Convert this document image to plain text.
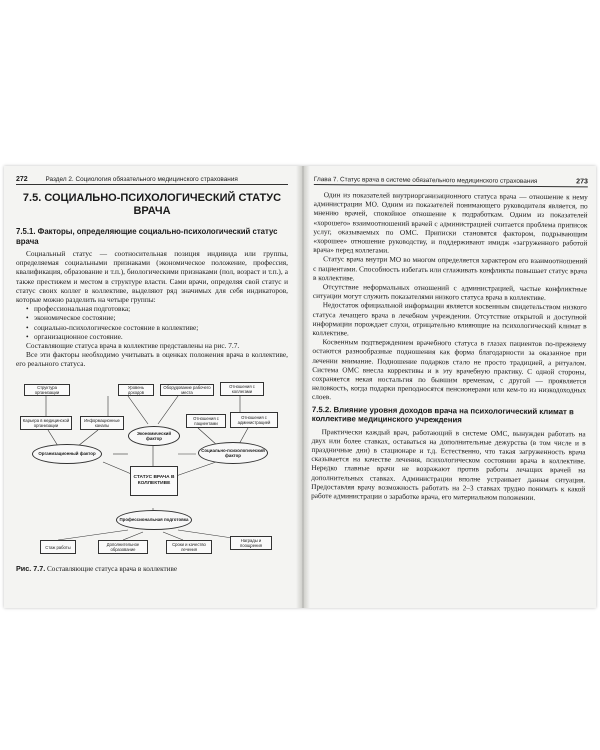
272	Раздел 2. Социология обязательного медицинского страхования
7.5. СОЦИАЛЬНО-ПСИХОЛОГИЧЕСКИЙ СТАТУС ВРАЧА
7.5.1. Факторы, определяющие социально-психологический статус врача

Социальный статус — соотносительная позиция индивида или группы, определяемая социальными признаками (экономическое положение, профессия, квалификация, образование и т.п.), биологическими признаками (пол, возраст и т.п.), а также престижем и местом в структуре власти. Сами врачи, определяя свой статус и статус своих коллег в коллективе, выделяют ряд значимых для себя индикаторов, которые можно разделить на четыре группы:

• профессиональная подготовка;
• экономическое состояние;
• социально-психологическое состояние в коллективе;
• организационное состояние.

Составляющие статуса врача в коллективе представлены на рис. 7.7.

Все эти факторы необходимо учитывать в оценках положения врача в коллективе, его реального статуса.

Структура организации
Уровень доходов
Оборудование рабочего места
Отношения с коллегами
Карьера в медицинской организации
Информационные каналы
Отношения с пациентами
Отношения с администрацией
Экономический фактор
Организационный фактор
Социально-психологический фактор
СТАТУС ВРАЧА В КОЛЛЕКТИВЕ
Профессиональная подготовка
Стаж работы	Дополнительное образование
Сроки и качество лечения
Награды и поощрения
Рис. 7.7. Составляющие статуса врача в коллективе
Глава 7. Статус врача в системе обязательного медицинского страхования	273

Один из показателей внутриорганизационного статуса врача — отношение к нему администрации МО. Одним из показателей понимающего руководителя является, по мнению врачей, спокойное отношение к подработкам. Одним из показателей «хорошего» взаимоотношений врачей с администрацией считается проблема приписок услуг, оказываемых по ОМС. Приписки становятся фактором, подрывающим «хорошее» отношение руководству, и поддерживают имидж «загруженного работой врача» перед коллегами.

Статус врача внутри МО во многом определяется характером его взаимоотношений с пациентами. Способность избегать или сглаживать конфликты повышает статус врача в коллективе.

Отсутствие неформальных отношений с администрацией, частые конфликтные ситуации могут служить показателями низкого статуса врача в коллективе.

Недостаток официальной информации является косвенным свидетельством низкого статуса лечащего врача в лечебном учреждении. Отсутствие открытой и доступной информации порождает слухи, отрицательно влияющие на психологический климат в коллективе.

Косвенным подтверждением врачебного статуса в глазах пациентов по-прежнему остаются разнообразные подношения как форма благодарности за оказанное при лечении внимание. Подношение подарков стало не просто традицией, а ритуалом. Система ОМС внесла коррективы и в эту врачебную практику. С одной стороны, сохраняется некая ностальгия по бывшим временам, с другой — проявляется неловкость, когда подарки преподносятся пенсионерами или кем-то из низкодоходных слоев.

7.5.2. Влияние уровня доходов врача на психологический климат в коллективе медицинского учреждения

Практически каждый врач, работающий в системе ОМС, вынужден работать на двух или более ставках, оставаться на дополнительные дежурства (в том числе и в праздничные дни) в стационаре и т.д. Естественно, что такая загруженность врача сказывается на качестве лечения, психологическом состоянии врача в коллективе. Нередко главные врачи не возражают против работы лечащих врачей на дополнительных ставках. Администрации вполне устраивает данная ситуация. Предоставляя врачу возможность работать на 2–3 ставках трудно понимать к какой работе администрации о заработке врача, его материальном положении.
